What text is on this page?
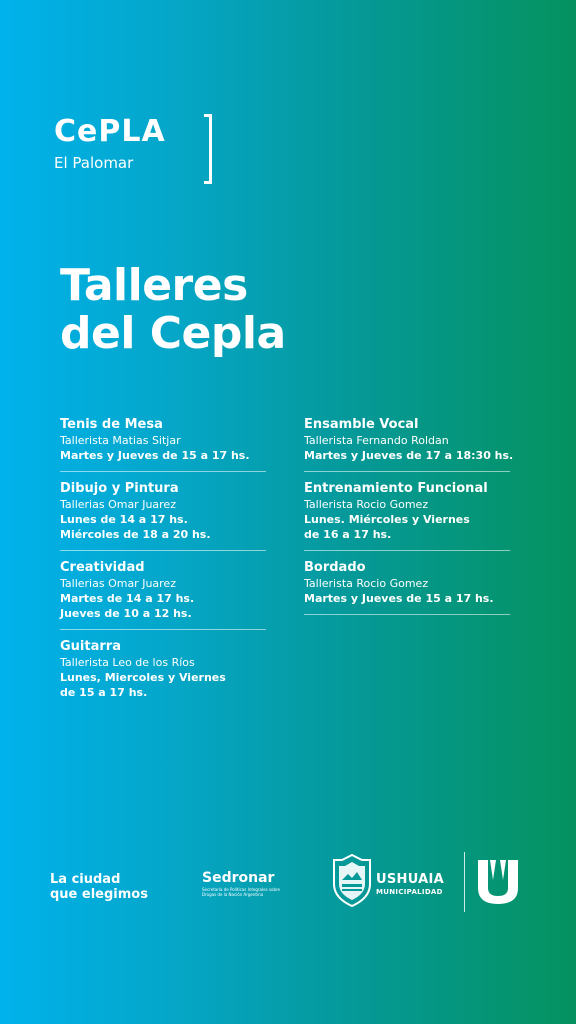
CePLA
El Palomar
Talleres
del Cepla
Tenis de Mesa
Tallerista Matias Sitjar
Martes y Jueves de 15 a 17 hs.
Dibujo y Pintura
Tallerias Omar Juarez
Lunes de 14 a 17 hs.
Miércoles de 18 a 20 hs.
Creatividad
Tallerias Omar Juarez
Martes de 14 a 17 hs.
Jueves de 10 a 12 hs.
Guitarra
Tallerista Leo de los Ríos
Lunes, Miercoles y Viernes
de 15 a 17 hs.
Ensamble Vocal
Tallerista Fernando Roldan
Martes y Jueves de 17 a 18:30 hs.
Entrenamiento Funcional
Tallerista Rocio Gomez
Lunes. Miércoles y Viernes
de 16 a 17 hs.
Bordado
Tallerista Rocio Gomez
Martes y Jueves de 15 a 17 hs.
La ciudad
que elegimos
Sedronar
Secretaría de Políticas Integrales sobre Drogas de la Nación Argentina
USHUAIA
MUNICIPALIDAD
